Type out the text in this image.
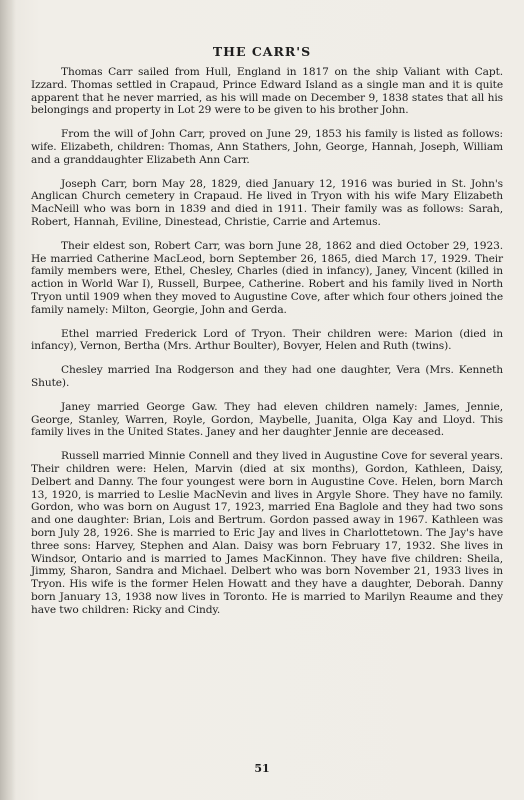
THE CARR'S

Thomas Carr sailed from Hull, England in 1817 on the ship Valiant with Capt. Izzard. Thomas settled in Crapaud, Prince Edward Island as a single man and it is quite apparent that he never married, as his will made on December 9, 1838 states that all his belongings and property in Lot 29 were to be given to his brother John.

From the will of John Carr, proved on June 29, 1853 his family is listed as follows: wife. Elizabeth, children: Thomas, Ann Stathers, John, George, Hannah, Joseph, William and a granddaughter Elizabeth Ann Carr.

Joseph Carr, born May 28, 1829, died January 12, 1916 was buried in St. John's Anglican Church cemetery in Crapaud. He lived in Tryon with his wife Mary Elizabeth MacNeill who was born in 1839 and died in 1911. Their family was as follows: Sarah, Robert, Hannah, Eviline, Dinestead, Christie, Carrie and Artemus.

Their eldest son, Robert Carr, was born June 28, 1862 and died October 29, 1923. He married Catherine MacLeod, born September 26, 1865, died March 17, 1929. Their family members were, Ethel, Chesley, Charles (died in infancy), Janey, Vincent (killed in action in World War I), Russell, Burpee, Catherine. Robert and his family lived in North Tryon until 1909 when they moved to Augustine Cove, after which four others joined the family namely: Milton, Georgie, John and Gerda.

Ethel married Frederick Lord of Tryon. Their children were: Marion (died in infancy), Vernon, Bertha (Mrs. Arthur Boulter), Bovyer, Helen and Ruth (twins).

Chesley married Ina Rodgerson and they had one daughter, Vera (Mrs. Kenneth Shute).

Janey married George Gaw. They had eleven children namely: James, Jennie, George, Stanley, Warren, Royle, Gordon, Maybelle, Juanita, Olga Kay and Lloyd. This family lives in the United States. Janey and her daughter Jennie are deceased.

Russell married Minnie Connell and they lived in Augustine Cove for several years. Their children were: Helen, Marvin (died at six months), Gordon, Kathleen, Daisy, Delbert and Danny. The four youngest were born in Augustine Cove. Helen, born March 13, 1920, is married to Leslie MacNevin and lives in Argyle Shore. They have no family. Gordon, who was born on August 17, 1923, married Ena Baglole and they had two sons and one daughter: Brian, Lois and Bertrum. Gordon passed away in 1967. Kathleen was born July 28, 1926. She is married to Eric Jay and lives in Charlottetown. The Jay's have three sons: Harvey, Stephen and Alan. Daisy was born February 17, 1932. She lives in Windsor, Ontario and is married to James MacKinnon. They have five children: Sheila, Jimmy, Sharon, Sandra and Michael. Delbert who was born November 21, 1933 lives in Tryon. His wife is the former Helen Howatt and they have a daughter, Deborah. Danny born January 13, 1938 now lives in Toronto. He is married to Marilyn Reaume and they have two children: Ricky and Cindy.

51
